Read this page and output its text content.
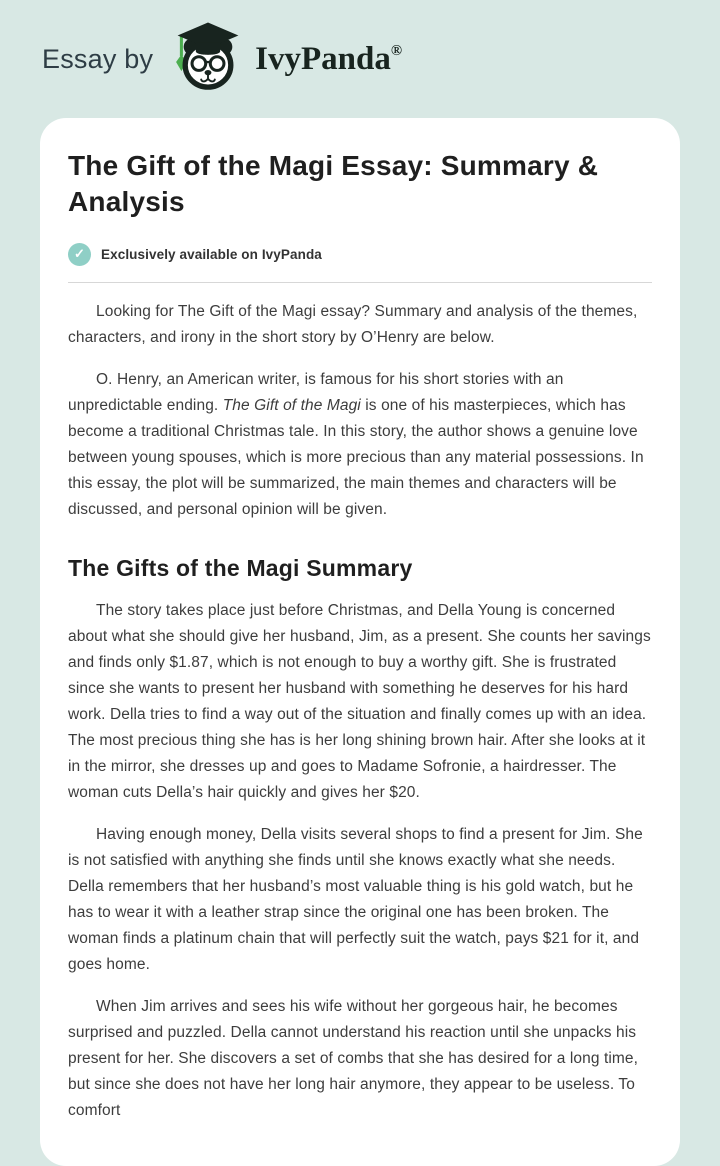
Essay by	IvyPanda®
The Gift of the Magi Essay: Summary & Analysis
✓	Exclusively available on IvyPanda

Looking for The Gift of the Magi essay? Summary and analysis of the themes, characters, and irony in the short story by O’Henry are below.

O. Henry, an American writer, is famous for his short stories with an unpredictable ending. The Gift of the Magi is one of his masterpieces, which has become a traditional Christmas tale. In this story, the author shows a genuine love between young spouses, which is more precious than any material possessions. In this essay, the plot will be summarized, the main themes and characters will be discussed, and personal opinion will be given.

The Gifts of the Magi Summary

The story takes place just before Christmas, and Della Young is concerned about what she should give her husband, Jim, as a present. She counts her savings and finds only $1.87, which is not enough to buy a worthy gift. She is frustrated since she wants to present her husband with something he deserves for his hard work. Della tries to find a way out of the situation and finally comes up with an idea. The most precious thing she has is her long shining brown hair. After she looks at it in the mirror, she dresses up and goes to Madame Sofronie, a hairdresser. The woman cuts Della’s hair quickly and gives her $20.

Having enough money, Della visits several shops to find a present for Jim. She is not satisfied with anything she finds until she knows exactly what she needs. Della remembers that her husband’s most valuable thing is his gold watch, but he has to wear it with a leather strap since the original one has been broken. The woman finds a platinum chain that will perfectly suit the watch, pays $21 for it, and goes home.

When Jim arrives and sees his wife without her gorgeous hair, he becomes surprised and puzzled. Della cannot understand his reaction until she unpacks his present for her. She discovers a set of combs that she has desired for a long time, but since she does not have her long hair anymore, they appear to be useless. To comfort
